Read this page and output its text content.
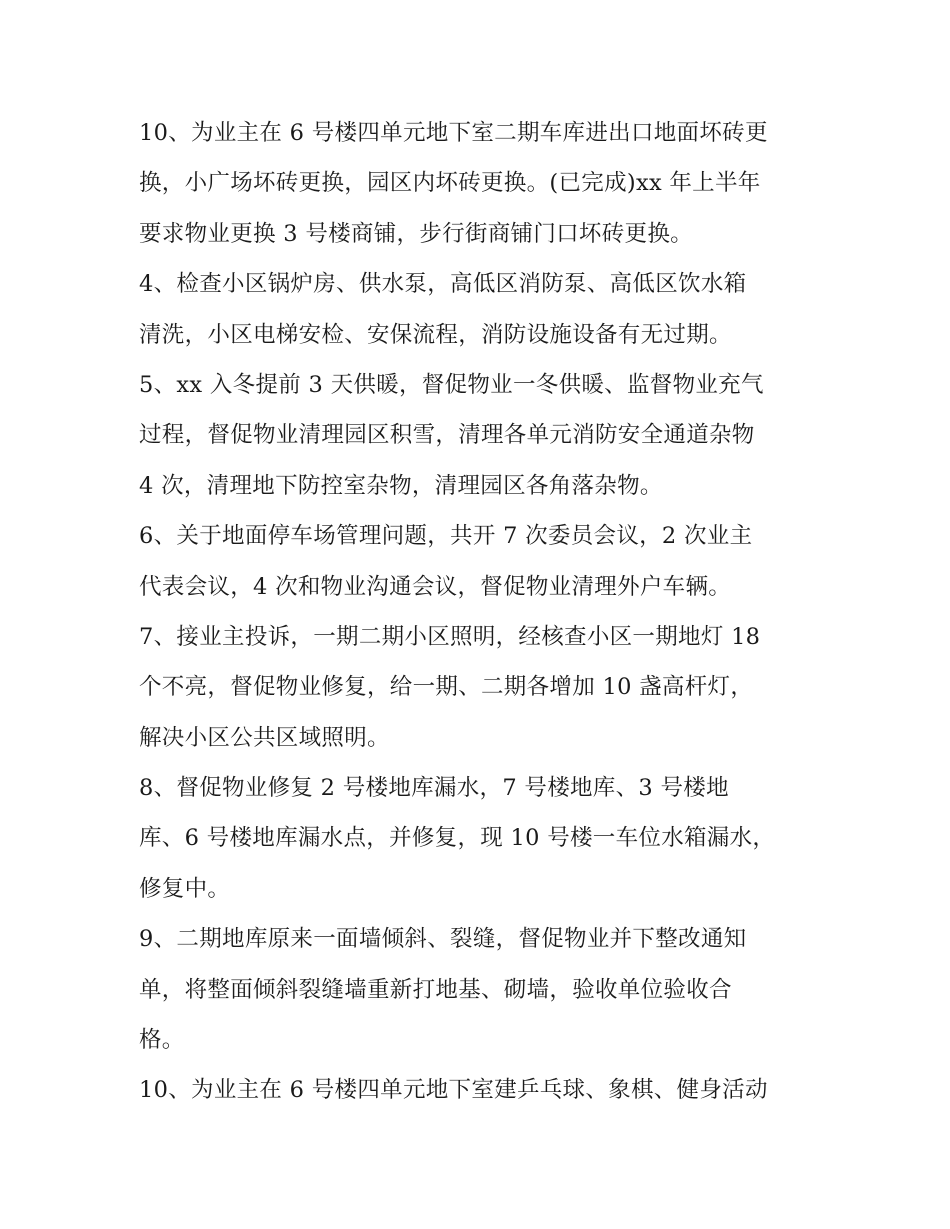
10、为业主在 6 号楼四单元地下室二期车库进出口地面坏砖更
换，小广场坏砖更换，园区内坏砖更换。(已完成)xx 年上半年
要求物业更换 3 号楼商铺，步行街商铺门口坏砖更换。
4、检查小区锅炉房、供水泵，高低区消防泵、高低区饮水箱
清洗，小区电梯安检、安保流程，消防设施设备有无过期。
5、xx 入冬提前 3 天供暖，督促物业一冬供暖、监督物业充气
过程，督促物业清理园区积雪，清理各单元消防安全通道杂物
4 次，清理地下防控室杂物，清理园区各角落杂物。
6、关于地面停车场管理问题，共开 7 次委员会议，2 次业主
代表会议，4 次和物业沟通会议，督促物业清理外户车辆。
7、接业主投诉，一期二期小区照明，经核查小区一期地灯 18
个不亮，督促物业修复，给一期、二期各增加 10 盏高杆灯，
解决小区公共区域照明。
8、督促物业修复 2 号楼地库漏水，7 号楼地库、3 号楼地
库、6 号楼地库漏水点，并修复，现 10 号楼一车位水箱漏水，
修复中。
9、二期地库原来一面墙倾斜、裂缝，督促物业并下整改通知
单，将整面倾斜裂缝墙重新打地基、砌墙，验收单位验收合
格。
10、为业主在 6 号楼四单元地下室建乒乓球、象棋、健身活动
